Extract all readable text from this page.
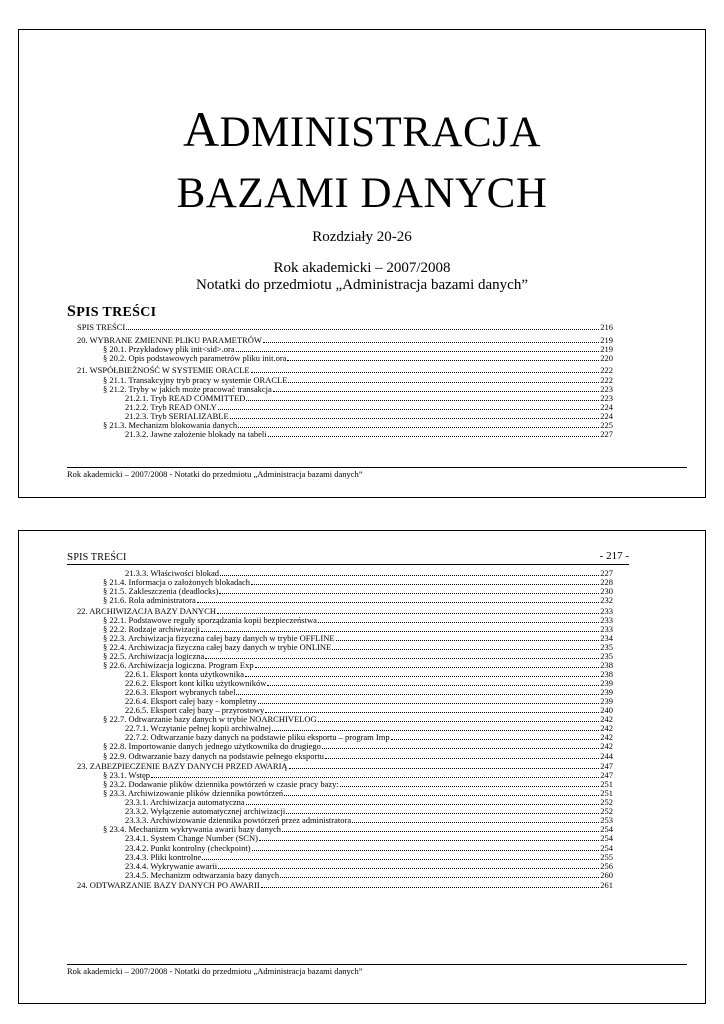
ADMINISTRACJA
BAZAMI DANYCH
Rozdziały 20-26
Rok akademicki – 2007/2008
Notatki do przedmiotu „Administracja bazami danych”
SPIS TREŚCI
SPIS TREŚCI	216
20. WYBRANE ZMIENNE PLIKU PARAMETRÓW	219
§ 20.1. Przykładowy plik init<sid>.ora	219
§ 20.2. Opis podstawowych parametrów pliku init.ora	220
21. WSPÓŁBIEŻNOŚĆ W SYSTEMIE ORACLE	222
§ 21.1. Transakcyjny tryb pracy w systemie ORACLE	222
§ 21.2. Tryby w jakich może pracować transakcja	223
21.2.1. Tryb READ COMMITTED	223
21.2.2. Tryb READ ONLY	224
21.2.3. Tryb SERIALIZABLE	224
§ 21.3. Mechanizm blokowania danych	225
21.3.2. Jawne założenie blokady na tabeli	227
Rok akademicki – 2007/2008 - Notatki do przedmiotu „Administracja bazami danych”
SPIS TREŚCI	- 217 -
21.3.3. Właściwości blokad	227
§ 21.4. Informacja o założonych blokadach	228
§ 21.5. Zakleszczenia (deadlocks)	230
§ 21.6. Rola administratora	232
22. ARCHIWIZACJA BAZY DANYCH	233
§ 22.1. Podstawowe reguły sporządzania kopii bezpieczeństwa	233
§ 22.2. Rodzaje archiwizacji	233
§ 22.3. Archiwizacja fizyczna całej bazy danych w trybie OFFLINE	234
§ 22.4. Archiwizacja fizyczna całej bazy danych w trybie ONLINE	235
§ 22.5. Archiwizacja logiczna	235
§ 22.6. Archiwizacja logiczna. Program Exp	238
22.6.1. Eksport konta użytkownika	238
22.6.2. Eksport kont kilku użytkowników	239
22.6.3. Eksport wybranych tabel	239
22.6.4. Eksport całej bazy - kompletny	239
22.6.5. Eksport całej bazy – przyrostowy	240
§ 22.7. Odtwarzanie bazy danych w trybie NOARCHIVELOG	242
22.7.1. Wczytanie pełnej kopii archiwalnej	242
22.7.2. Odtwarzanie bazy danych na podstawie pliku eksportu – program Imp	242
§ 22.8. Importowanie danych jednego użytkownika do drugiego	242
§ 22.9. Odtwarzanie bazy danych na podstawie pełnego eksportu	244
23. ZABEZPIECZENIE BAZY DANYCH PRZED AWARIĄ	247
§ 23.1. Wstęp	247
§ 23.2. Dodawanie plików dziennika powtórzeń w czasie pracy bazy:	251
§ 23.3. Archiwizowanie plików dziennika powtórzeń	251
23.3.1. Archiwizacja automatyczna	252
23.3.2. Wyłączenie automatycznej archiwizacji	252
23.3.3. Archiwizowanie dziennika powtórzeń przez administratora	253
§ 23.4. Mechanizm wykrywania awarii bazy danych	254
23.4.1. System Change Number (SCN)	254
23.4.2. Punkt kontrolny (checkpoint)	254
23.4.3. Pliki kontrolne	255
23.4.4. Wykrywanie awarii	256
23.4.5. Mechanizm odtwarzania bazy danych	260
24. ODTWARZANIE BAZY DANYCH PO AWARII	261
Rok akademicki – 2007/2008 - Notatki do przedmiotu „Administracja bazami danych”
